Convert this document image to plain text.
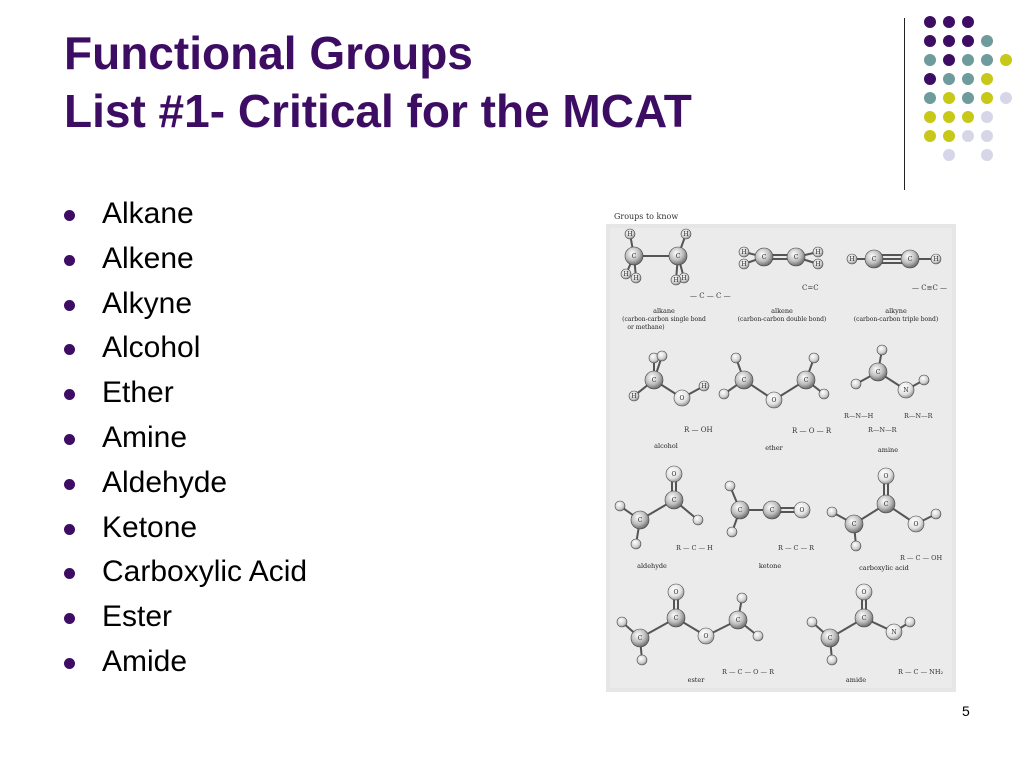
Functional Groups
List #1- Critical for the MCAT
Alkane
Alkene
Alkyne
Alcohol
Ether
Amine
Aldehyde
Ketone
Carboxylic Acid
Ester
Amide
Groups to know
C	C
H	H
H
H	H
H
— C — C —
alkane
(carbon-carbon single bond
or methane)
C	C
H
H
H
H
C=C
alkene
(carbon-carbon double bond)
H	C	C	H
— C≡C —
alkyne
(carbon-carbon triple bond)
C
O
H
H
R — OH
alcohol
C
O
C
R — O — R
ether
C
N
R—N—H
R—N—R
R—N—R
amine
C
O
C
R — C — H
aldehyde
C	C	O
R — C — R
ketone
C
O
C	O
R — C — OH
carboxylic acid
C
O
C	O
C
R — C — O — R
ester
C
O
C
N
R — C — NH₂
amide
5
